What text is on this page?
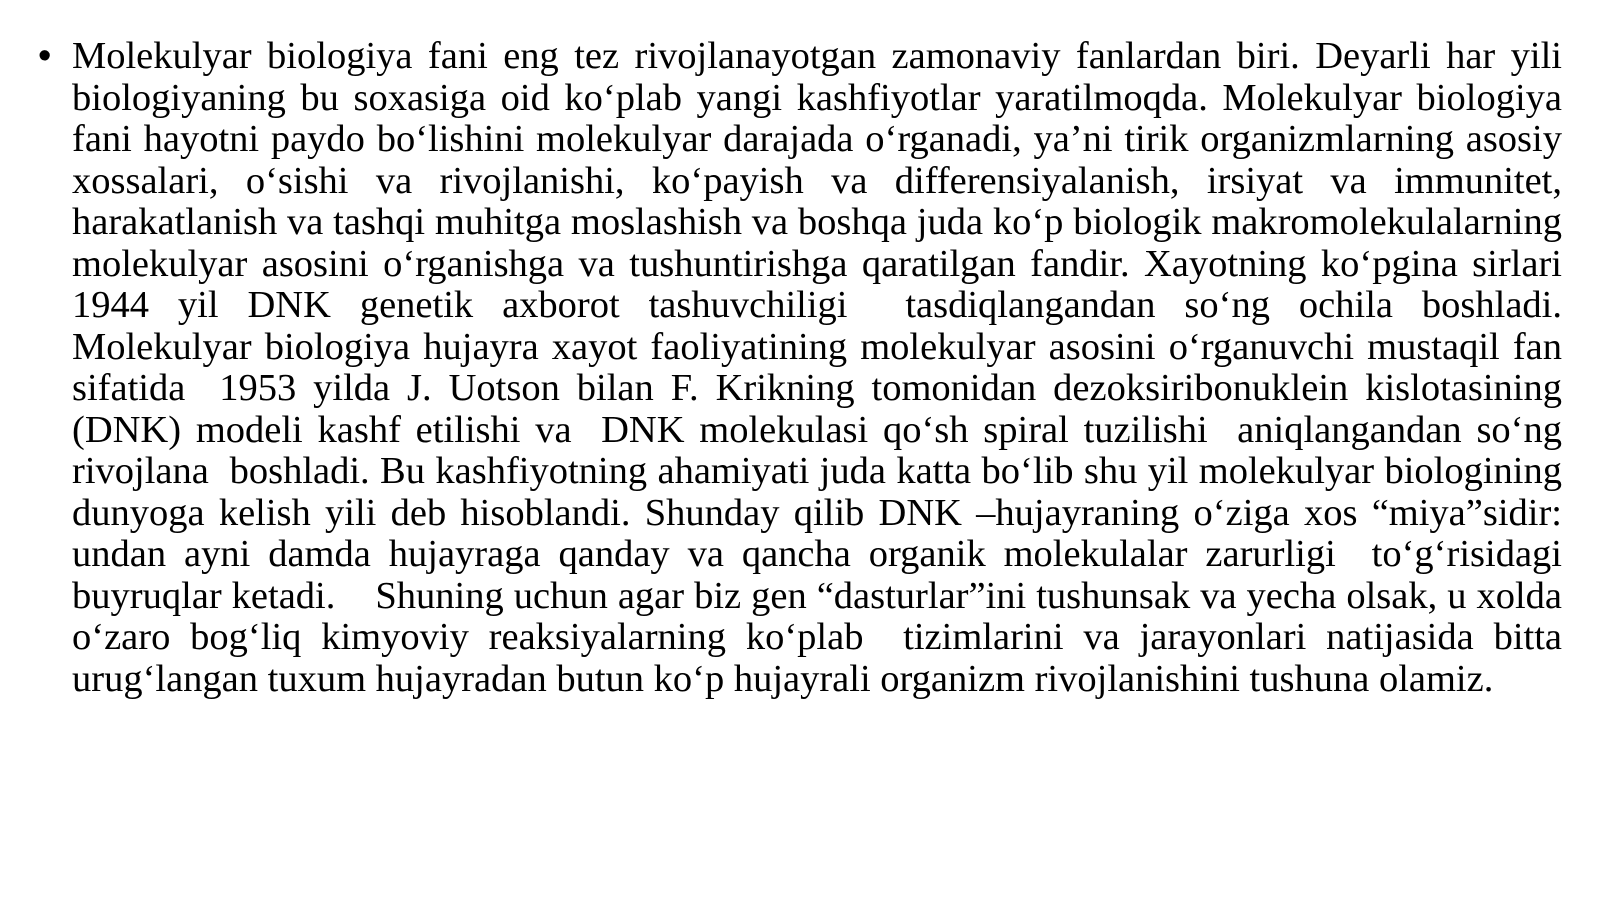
• Molekulyar biologiya fani eng tez rivojlanayotgan zamonaviy fanlardan biri. Deyarli har yili biologiyaning bu soxasiga oid ko‘plab yangi kashfiyotlar yaratilmoqda. Molekulyar biologiya fani hayotni paydo bo‘lishini molekulyar darajada o‘rganadi, ya’ni tirik organizmlarning asosiy xossalari, o‘sishi va rivojlanishi, ko‘payish va differensiyalanish, irsiyat va immunitet, harakatlanish va tashqi muhitga moslashish va boshqa juda ko‘p biologik makromolekulalarning molekulyar asosini o‘rganishga va tushuntirishga qaratilgan fandir. Xayotning ko‘pgina sirlari 1944 yil DNK genetik axborot tashuvchiligi  tasdiqlangandan so‘ng ochila boshladi.  Molekulyar biologiya hujayra xayot faoliyatining molekulyar asosini o‘rganuvchi mustaqil fan sifatida  1953 yilda J. Uotson bilan F. Krikning tomonidan dezoksiribonuklein kislotasining (DNK) modeli kashf etilishi va  DNK molekulasi qo‘sh spiral tuzilishi  aniqlangandan so‘ng rivojlana  boshladi. Bu kashfiyotning ahamiyati juda katta bo‘lib shu yil molekulyar biologining dunyoga kelish yili deb hisoblandi. Shunday qilib DNK –hujayraning o‘ziga xos “miya”sidir: undan ayni damda hujayraga qanday va qancha organik molekulalar zarurligi  to‘g‘risidagi buyruqlar ketadi.    Shuning uchun agar biz gen “dasturlar”ini tushunsak va yecha olsak, u xolda o‘zaro bog‘liq kimyoviy reaksiyalarning ko‘plab  tizimlarini va jarayonlari natijasida bitta urug‘langan tuxum hujayradan butun ko‘p hujayrali organizm rivojlanishini tushuna olamiz.
